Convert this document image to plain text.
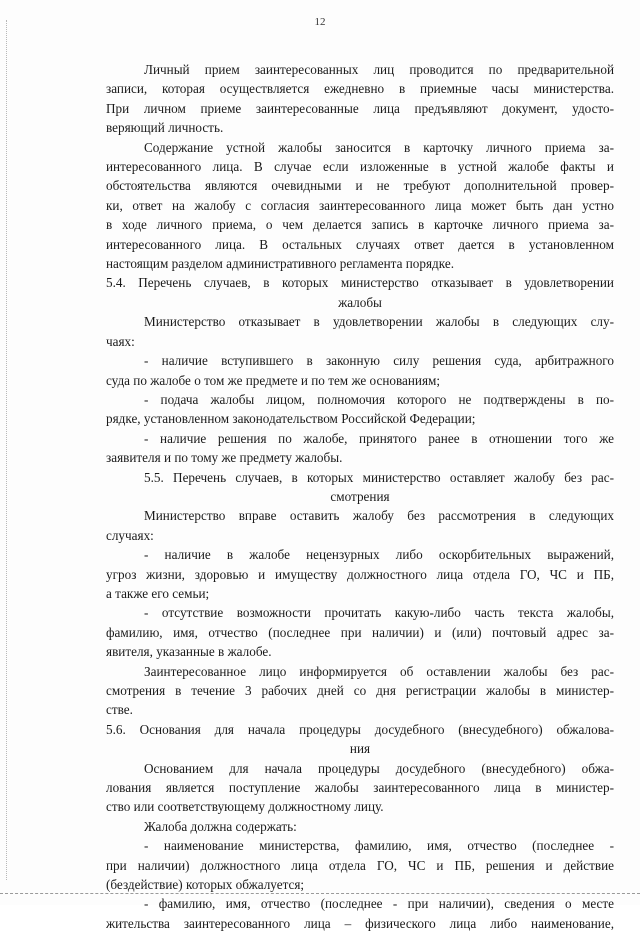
12
Личный прием заинтересованных лиц проводится по предварительной
записи, которая осуществляется ежедневно в приемные часы министерства.
При личном приеме заинтересованные лица предъявляют документ, удосто-
веряющий личность.
Содержание устной жалобы заносится в карточку личного приема за-
интересованного лица. В случае если изложенные в устной жалобе факты и
обстоятельства являются очевидными и не требуют дополнительной провер-
ки, ответ на жалобу с согласия заинтересованного лица может быть дан устно
в ходе личного приема, о чем делается запись в карточке личного приема за-
интересованного лица. В остальных случаях ответ дается в установленном
настоящим разделом административного регламента порядке.
5.4. Перечень случаев, в которых министерство отказывает в удовлетворении
жалобы
Министерство отказывает в удовлетворении жалобы в следующих слу-
чаях:
- наличие вступившего в законную силу решения суда, арбитражного
суда по жалобе о том же предмете и по тем же основаниям;
- подача жалобы лицом, полномочия которого не подтверждены в по-
рядке, установленном законодательством Российской Федерации;
- наличие решения по жалобе, принятого ранее в отношении того же
заявителя и по тому же предмету жалобы.
5.5. Перечень случаев, в которых министерство оставляет жалобу без рас-
смотрения
Министерство вправе оставить жалобу без рассмотрения в следующих
случаях:
- наличие в жалобе нецензурных либо оскорбительных выражений,
угроз жизни, здоровью и имуществу должностного лица отдела ГО, ЧС и ПБ,
а также его семьи;
- отсутствие возможности прочитать какую-либо часть текста жалобы,
фамилию, имя, отчество (последнее при наличии) и (или) почтовый адрес за-
явителя, указанные в жалобе.
Заинтересованное лицо информируется об оставлении жалобы без рас-
смотрения в течение 3 рабочих дней со дня регистрации жалобы в министер-
стве.
5.6. Основания для начала процедуры досудебного (внесудебного) обжалова-
ния
Основанием для начала процедуры досудебного (внесудебного) обжа-
лования является поступление жалобы заинтересованного лица в министер-
ство или соответствующему должностному лицу.
Жалоба должна содержать:
- наименование министерства, фамилию, имя, отчество (последнее -
при наличии) должностного лица отдела ГО, ЧС и ПБ, решения и действие
(бездействие) которых обжалуется;
- фамилию, имя, отчество (последнее - при наличии), сведения о месте
жительства заинтересованного лица – физического лица либо наименование,
